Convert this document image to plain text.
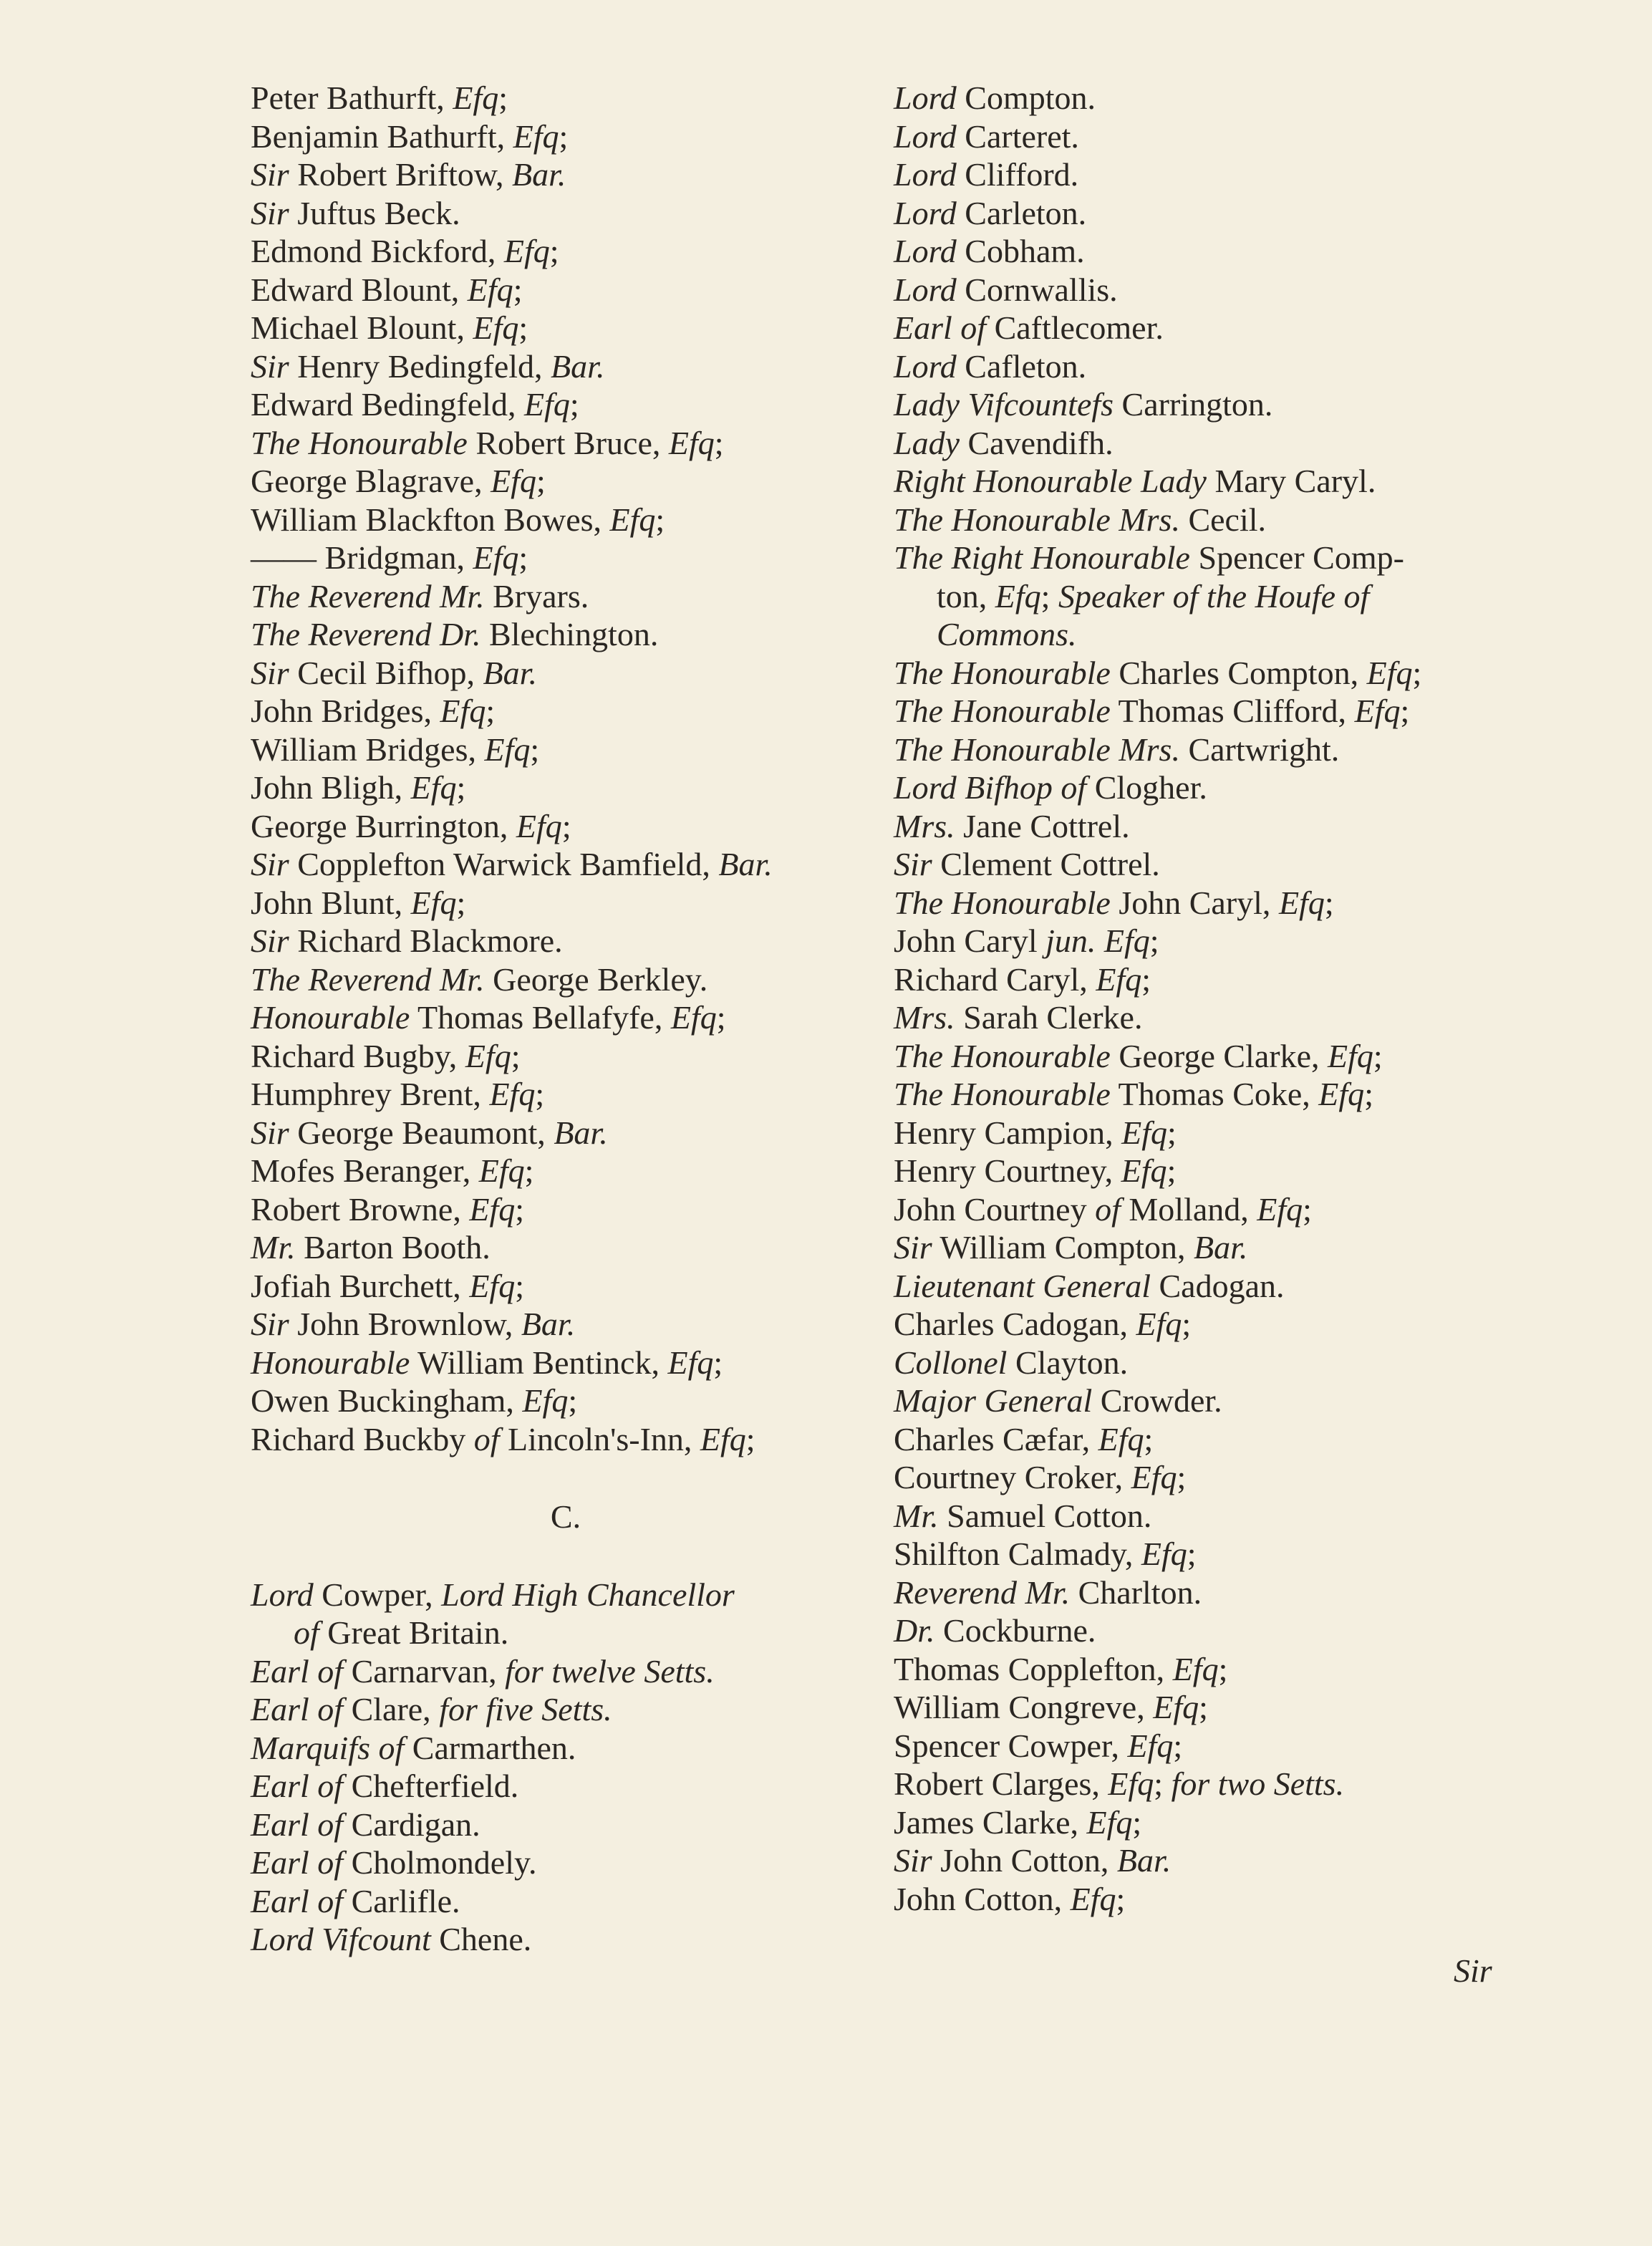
Peter Bathurft, Efq;
Benjamin Bathurft, Efq;
Sir Robert Briftow, Bar.
Sir Juftus Beck.
Edmond Bickford, Efq;
Edward Blount, Efq;
Michael Blount, Efq;
Sir Henry Bedingfeld, Bar.
Edward Bedingfeld, Efq;
The Honourable Robert Bruce, Efq;
George Blagrave, Efq;
William Blackfton Bowes, Efq;
—— Bridgman, Efq;
The Reverend Mr. Bryars.
The Reverend Dr. Blechington.
Sir Cecil Bifhop, Bar.
John Bridges, Efq;
William Bridges, Efq;
John Bligh, Efq;
George Burrington, Efq;
Sir Copplefton Warwick Bamfield, Bar.
John Blunt, Efq;
Sir Richard Blackmore.
The Reverend Mr. George Berkley.
Honourable Thomas Bellafyfe, Efq;
Richard Bugby, Efq;
Humphrey Brent, Efq;
Sir George Beaumont, Bar.
Mofes Beranger, Efq;
Robert Browne, Efq;
Mr. Barton Booth.
Jofiah Burchett, Efq;
Sir John Brownlow, Bar.
Honourable William Bentinck, Efq;
Owen Buckingham, Efq;
Richard Buckby of Lincoln's-Inn, Efq;
C.
Lord Cowper, Lord High Chancellor
of Great Britain.
Earl of Carnarvan, for twelve Setts.
Earl of Clare, for five Setts.
Marquifs of Carmarthen.
Earl of Chefterfield.
Earl of Cardigan.
Earl of Cholmondely.
Earl of Carlifle.
Lord Vifcount Chene.
Lord Compton.
Lord Carteret.
Lord Clifford.
Lord Carleton.
Lord Cobham.
Lord Cornwallis.
Earl of Caftlecomer.
Lord Cafleton.
Lady Vifcountefs Carrington.
Lady Cavendifh.
Right Honourable Lady Mary Caryl.
The Honourable Mrs. Cecil.
The Right Honourable Spencer Comp-
ton, Efq; Speaker of the Houfe of
Commons.
The Honourable Charles Compton, Efq;
The Honourable Thomas Clifford, Efq;
The Honourable Mrs. Cartwright.
Lord Bifhop of Clogher.
Mrs. Jane Cottrel.
Sir Clement Cottrel.
The Honourable John Caryl, Efq;
John Caryl jun. Efq;
Richard Caryl, Efq;
Mrs. Sarah Clerke.
The Honourable George Clarke, Efq;
The Honourable Thomas Coke, Efq;
Henry Campion, Efq;
Henry Courtney, Efq;
John Courtney of Molland, Efq;
Sir William Compton, Bar.
Lieutenant General Cadogan.
Charles Cadogan, Efq;
Collonel Clayton.
Major General Crowder.
Charles Cæfar, Efq;
Courtney Croker, Efq;
Mr. Samuel Cotton.
Shilfton Calmady, Efq;
Reverend Mr. Charlton.
Dr. Cockburne.
Thomas Copplefton, Efq;
William Congreve, Efq;
Spencer Cowper, Efq;
Robert Clarges, Efq; for two Setts.
James Clarke, Efq;
Sir John Cotton, Bar.
John Cotton, Efq;
Sir
